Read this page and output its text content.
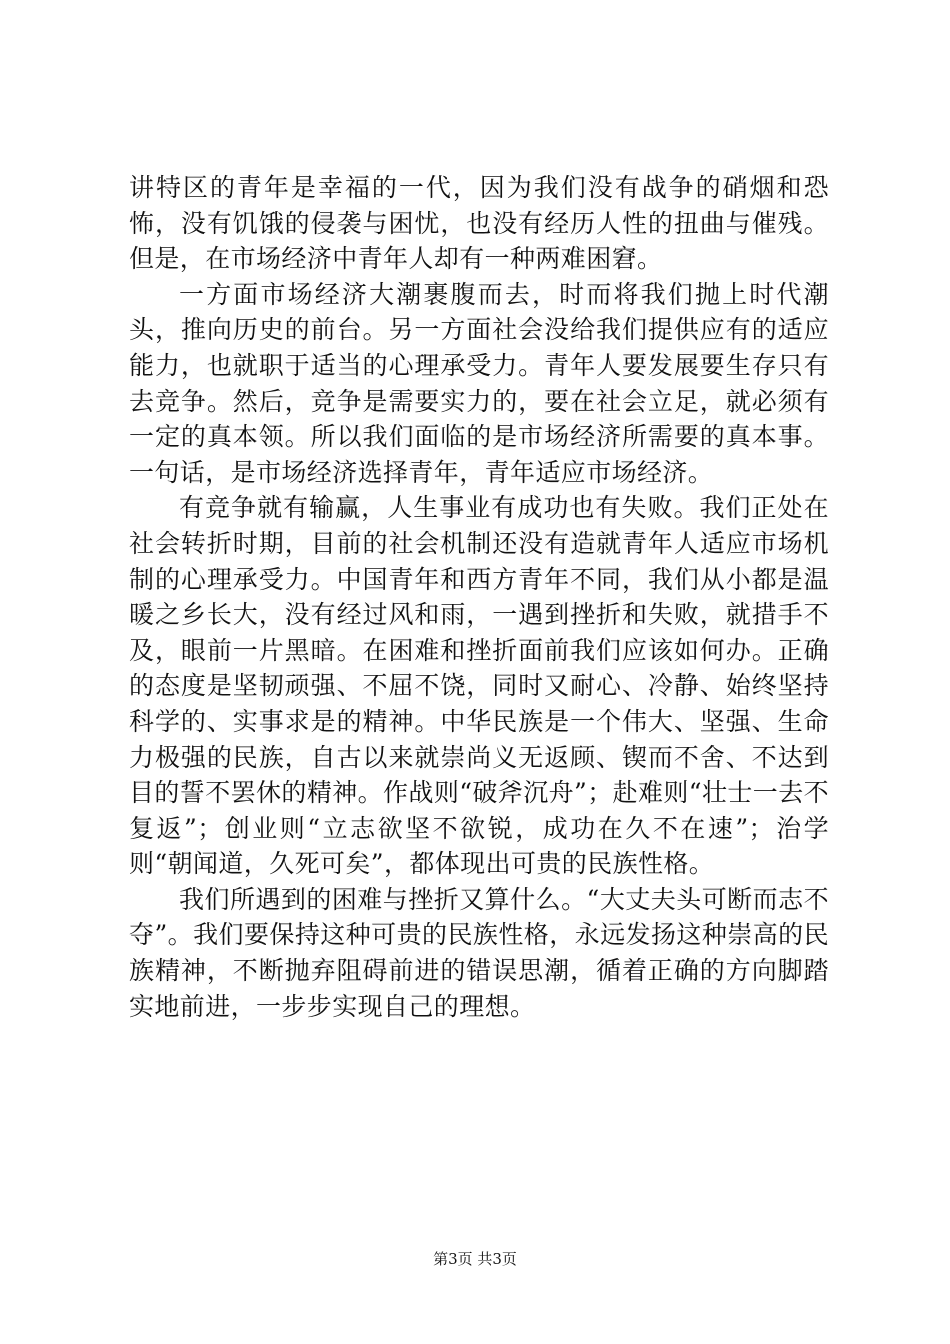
讲特区的青年是幸福的一代，因为我们没有战争的硝烟和恐怖，没有饥饿的侵袭与困忧，也没有经历人性的扭曲与催残。但是，在市场经济中青年人却有一种两难困窘。

一方面市场经济大潮裹腹而去，时而将我们抛上时代潮头，推向历史的前台。另一方面社会没给我们提供应有的适应能力，也就职于适当的心理承受力。青年人要发展要生存只有去竞争。然后，竞争是需要实力的，要在社会立足，就必须有一定的真本领。所以我们面临的是市场经济所需要的真本事。一句话，是市场经济选择青年，青年适应市场经济。

有竞争就有输赢，人生事业有成功也有失败。我们正处在社会转折时期，目前的社会机制还没有造就青年人适应市场机制的心理承受力。中国青年和西方青年不同，我们从小都是温暖之乡长大，没有经过风和雨，一遇到挫折和失败，就措手不及，眼前一片黑暗。在困难和挫折面前我们应该如何办。正确的态度是坚韧顽强、不屈不饶，同时又耐心、冷静、始终坚持科学的、实事求是的精神。中华民族是一个伟大、坚强、生命力极强的民族，自古以来就崇尚义无返顾、锲而不舍、不达到目的誓不罢休的精神。作战则“破斧沉舟”；赴难则“壮士一去不复返”；创业则“立志欲坚不欲锐，成功在久不在速”；治学则“朝闻道，久死可矣”，都体现出可贵的民族性格。

我们所遇到的困难与挫折又算什么。“大丈夫头可断而志不夺”。我们要保持这种可贵的民族性格，永远发扬这种崇高的民族精神，不断抛弃阻碍前进的错误思潮，循着正确的方向脚踏实地前进，一步步实现自己的理想。

第3页 共3页
